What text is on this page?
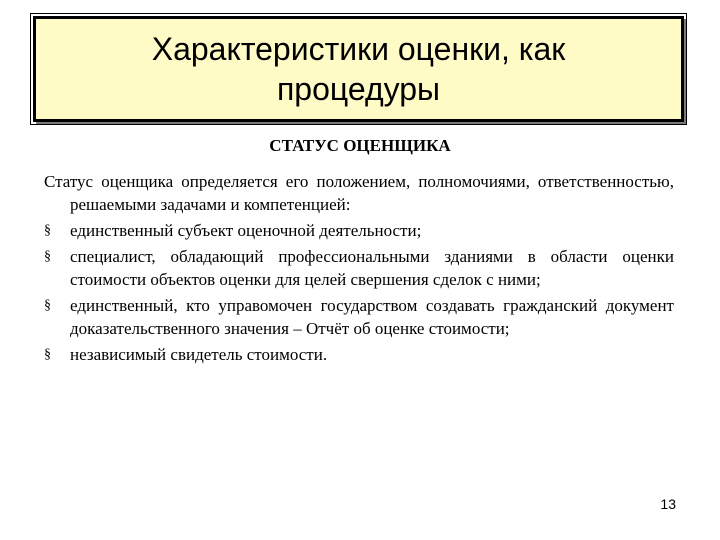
Характеристики оценки, как процедуры

СТАТУС ОЦЕНЩИКА

Статус оценщика определяется его положением, полномочиями, ответственностью, решаемыми задачами и компетенцией:

§ единственный субъект оценочной деятельности;
§ специалист, обладающий профессиональными зданиями в области оценки стоимости объектов оценки для целей свершения сделок с ними;
§ единственный, кто управомочен государством создавать гражданский документ доказательственного значения – Отчёт об оценке стоимости;
§ независимый свидетель стоимости.
13
